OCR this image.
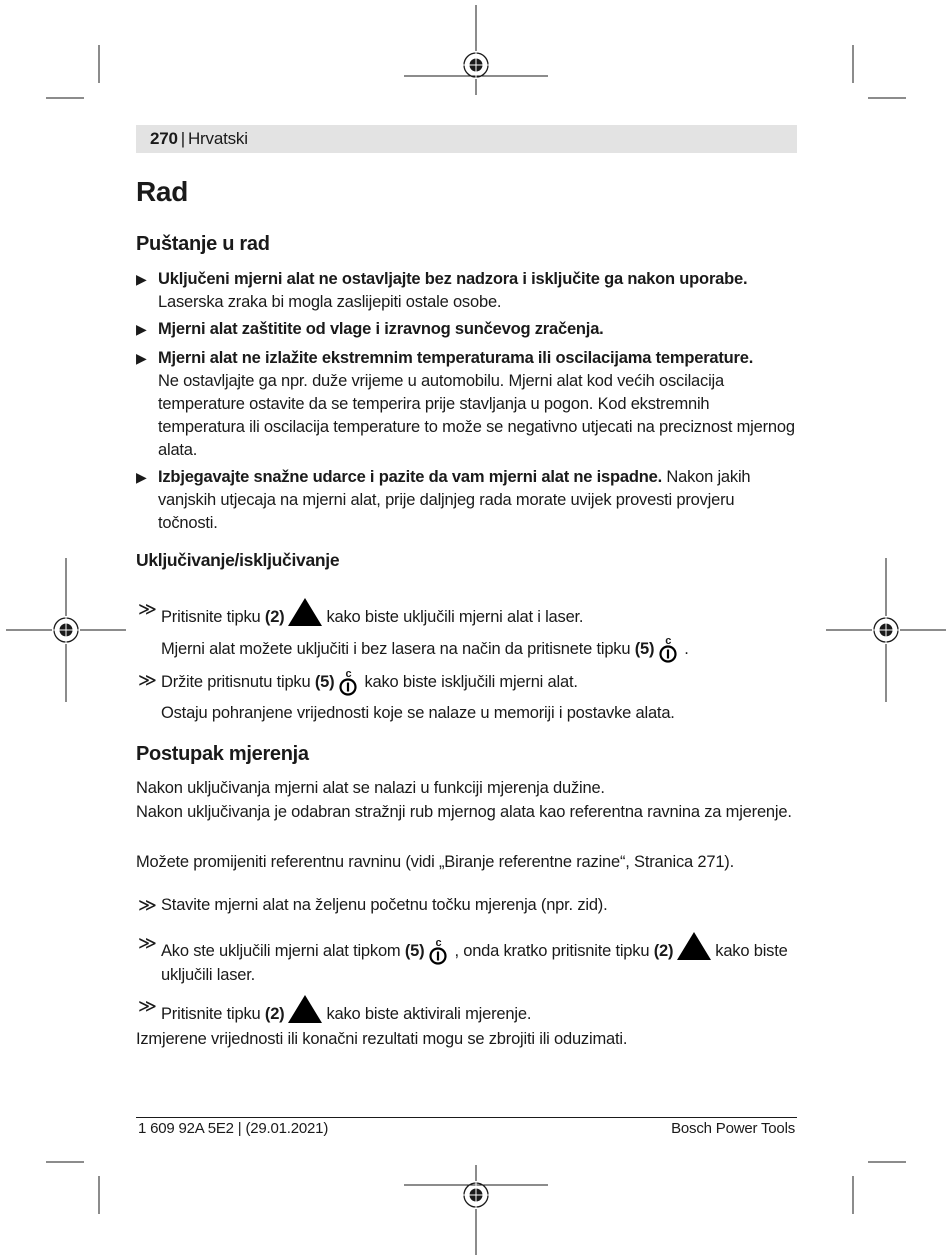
270 | Hrvatski
Rad
Puštanje u rad
▶ Uključeni mjerni alat ne ostavljajte bez nadzora i isključite ga nakon uporabe.
Laserska zraka bi mogla zaslijepiti ostale osobe.
▶ Mjerni alat zaštitite od vlage i izravnog sunčevog zračenja.
▶ Mjerni alat ne izlažite ekstremnim temperaturama ili oscilacijama temperature.
Ne ostavljajte ga npr. duže vrijeme u automobilu. Mjerni alat kod većih oscilacija temperature ostavite da se temperira prije stavljanja u pogon. Kod ekstremnih temperatura ili oscilacija temperature to može se negativno utjecati na preciznost mjernog alata.
▶ Izbjegavajte snažne udarce i pazite da vam mjerni alat ne ispadne. Nakon jakih vanjskih utjecaja na mjerni alat, prije daljnjeg rada morate uvijek provesti provjeru točnosti.
Uključivanje/isključivanje
≫ Pritisnite tipku (2)	kako biste uključili mjerni alat i laser.
Mjerni alat možete uključiti i bez lasera na način da pritisnete tipku (5) c .
≫ Držite pritisnutu tipku (5) c kako biste isključili mjerni alat.
Ostaju pohranjene vrijednosti koje se nalaze u memoriji i postavke alata.
Postupak mjerenja
Nakon uključivanja mjerni alat se nalazi u funkciji mjerenja dužine.
Nakon uključivanja je odabran stražnji rub mjernog alata kao referentna ravnina za mjerenje.
Možete promijeniti referentnu ravninu (vidi „Biranje referentne razine“, Stranica 271).
≫ Stavite mjerni alat na željenu početnu točku mjerenja (npr. zid).
≫ Ako ste uključili mjerni alat tipkom (5) c , onda kratko pritisnite tipku (2)	kako biste uključili laser.
≫ Pritisnite tipku (2)	kako biste aktivirali mjerenje.
Izmjerene vrijednosti ili konačni rezultati mogu se zbrojiti ili oduzimati.
1 609 92A 5E2 | (29.01.2021)	Bosch Power Tools
